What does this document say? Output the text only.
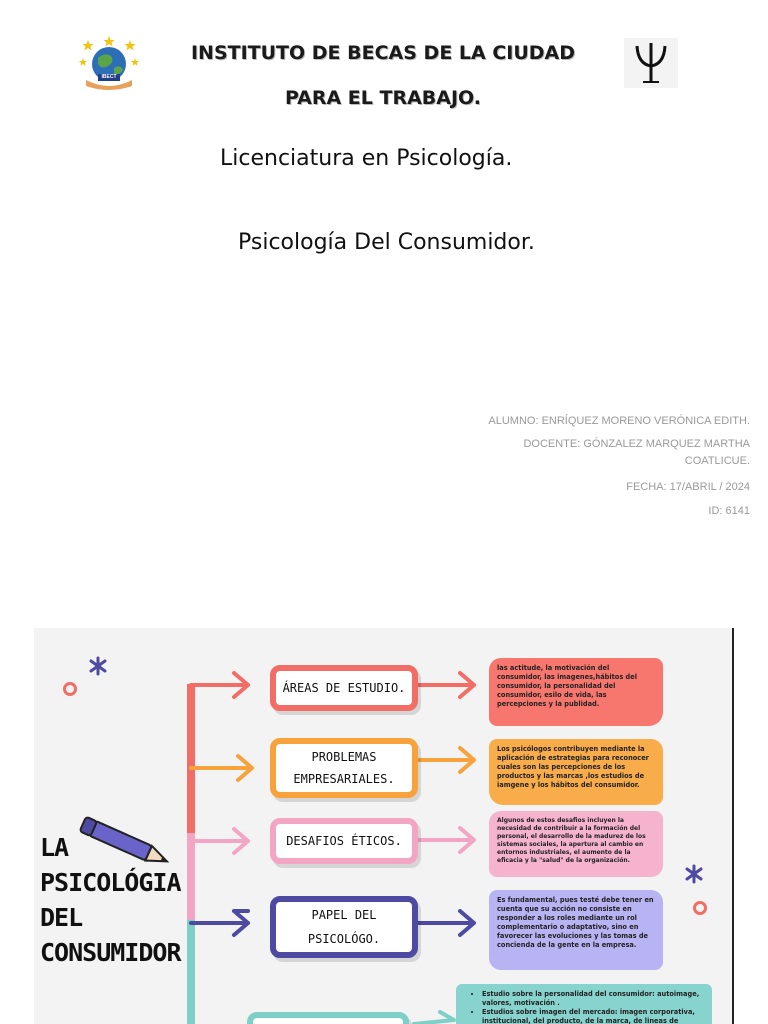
IBECT
INSTITUTO DE BECAS DE LA CIUDAD
PARA EL TRABAJO.
Licenciatura en Psicología.
Psicología Del Consumidor.
ALUMNO: ENRÍQUEZ MORENO VERÓNICA EDITH.
DOCENTE: GÓNZALEZ MARQUEZ MARTHA
COATLICUE.
FECHA: 17/ABRIL / 2024
ID: 6141
LA
PSICOLÓGIA
DEL
CONSUMIDOR
ÁREAS DE ESTUDIO.
PROBLEMAS
EMPRESARIALES.
DESAFIOS ÉTICOS.
PAPEL DEL
PSICOLÓGO.
las actitude, la motivación del consumidor, las imagenes,hábitos del consumidor, la personalidad del consumidor, esilo de vida, las percepciones y la publidad.
Los psicólogos contribuyen mediante la aplicación de estrategias para reconocer cuales son las percepciones de los productos y las marcas ,los estudios de iamgene y los hábitos del consumidor.
Algunos de estos desafios incluyen la necesidad de contribuir a la formación del personal, el desarrollo de la madurez de los sistemas sociales, la apertura al cambio en entornos industriales, el aumento de la eficacia y la "salud" de la organización.
Es fundamental, pues testé debe tener en cuenta que su acción no consiste en responder a los roles mediante un rol complementario o adaptativo, sino en favorecer las evoluciones y las tomas de concienda de la gente en la empresa.
• Estudio sobre la personalidad del consumidor: autoimage, valores, motivación .
• Estudios sobre imagen del mercado: imagen corporativa, institucional, del producto, de la marca, de lineas de
